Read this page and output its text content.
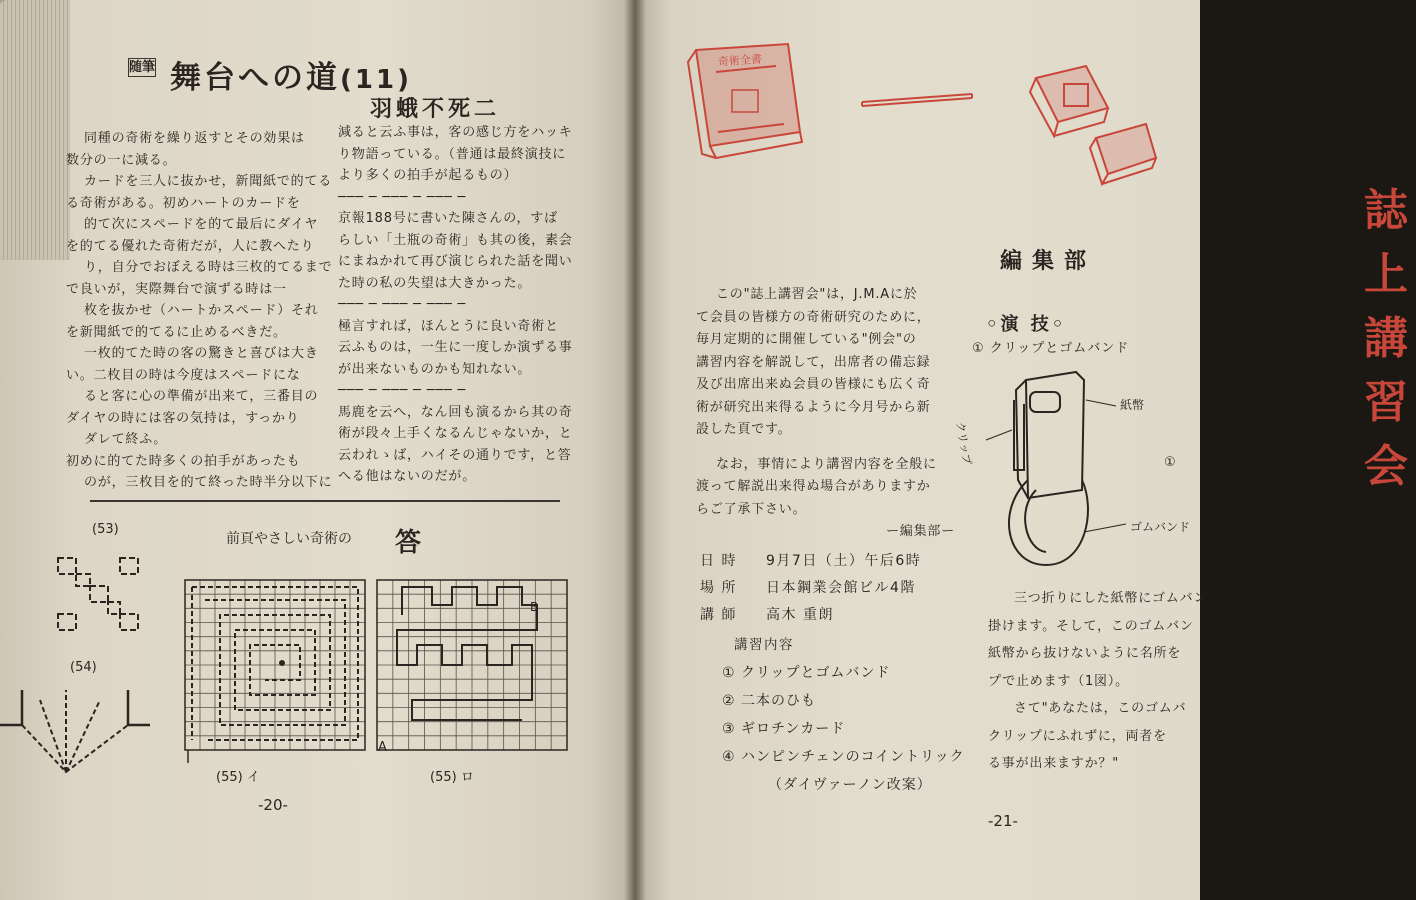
随筆 舞台への道(11)
羽蛾不死二
同種の奇術を繰り返すとその効果は
数分の一に減る。
カードを三人に抜かせ，新聞紙で的てる
る奇術がある。初めハートのカードを
的て次にスペードを的て最后にダイヤ
を的てる優れた奇術だが，人に教へたり
り，自分でおぼえる時は三枚的てるまで
で良いが，実際舞台で演ずる時は一
枚を抜かせ（ハートかスペード）それ
を新聞紙で的てるに止めるべきだ。
一枚的てた時の客の驚きと喜びは大き
い。二枚目の時は今度はスペードにな
ると客に心の準備が出来て，三番目の
ダイヤの時には客の気持は，すっかり
ダレて終ふ。
初めに的てた時多くの拍手があったも
のが，三枚目を的て終った時半分以下に
減ると云ふ事は，客の感じ方をハッキ
り物語っている。（普通は最終演技に
より多くの拍手が起るもの）
─── ─ ─── ─ ─── ─
京報188号に書いた陳さんの，すば
らしい「土瓶の奇術」も其の後，素会
にまねかれて再び演じられた話を聞い
た時の私の失望は大きかった。
─── ─ ─── ─ ─── ─
極言すれば，ほんとうに良い奇術と
云ふものは，一生に一度しか演ずる事
が出来ないものかも知れない。
─── ─ ─── ─ ─── ─
馬鹿を云へ，なん回も演るから其の奇
術が段々上手くなるんじゃないか，と
云われゝば，ハイその通りです，と答
へる他はないのだが。
前頁やさしい奇術の 答
(53)
(54)
(55) イ
A
B
(55) ロ
-20-
奇術全書
誌上講習会
編集部
この"誌上講習会"は，J.M.Aに於
て会員の皆様方の奇術研究のために，
毎月定期的に開催している"例会"の
講習内容を解説して，出席者の備忘録
及び出席出来ぬ会員の皆様にも広く奇
術が研究出来得るように今月号から新
設した頁です。
なお，事情により講習内容を全般に
渡って解説出来得ぬ場合がありますか
らご了承下さい。
ー編集部ー
日 時 9月7日（土）午后6時
場 所 日本鋼業会館ビル4階
講 師 高木 重朗
講習内容
① クリップとゴムバンド
② 二本のひも
③ ギロチンカード
④ ハンピンチェンのコイントリック
（ダイヴァーノン改案）
◦演 技◦
① クリップとゴムバンド
紙幣
クリップ
ゴムバンド
①
三つ折りにした紙幣にゴムバン
掛けます。そして，このゴムバン
紙幣から抜けないように名所を
プで止めます（1図）。
さて"あなたは，このゴムバ
クリップにふれずに，両者を
る事が出来ますか？"
-21-
